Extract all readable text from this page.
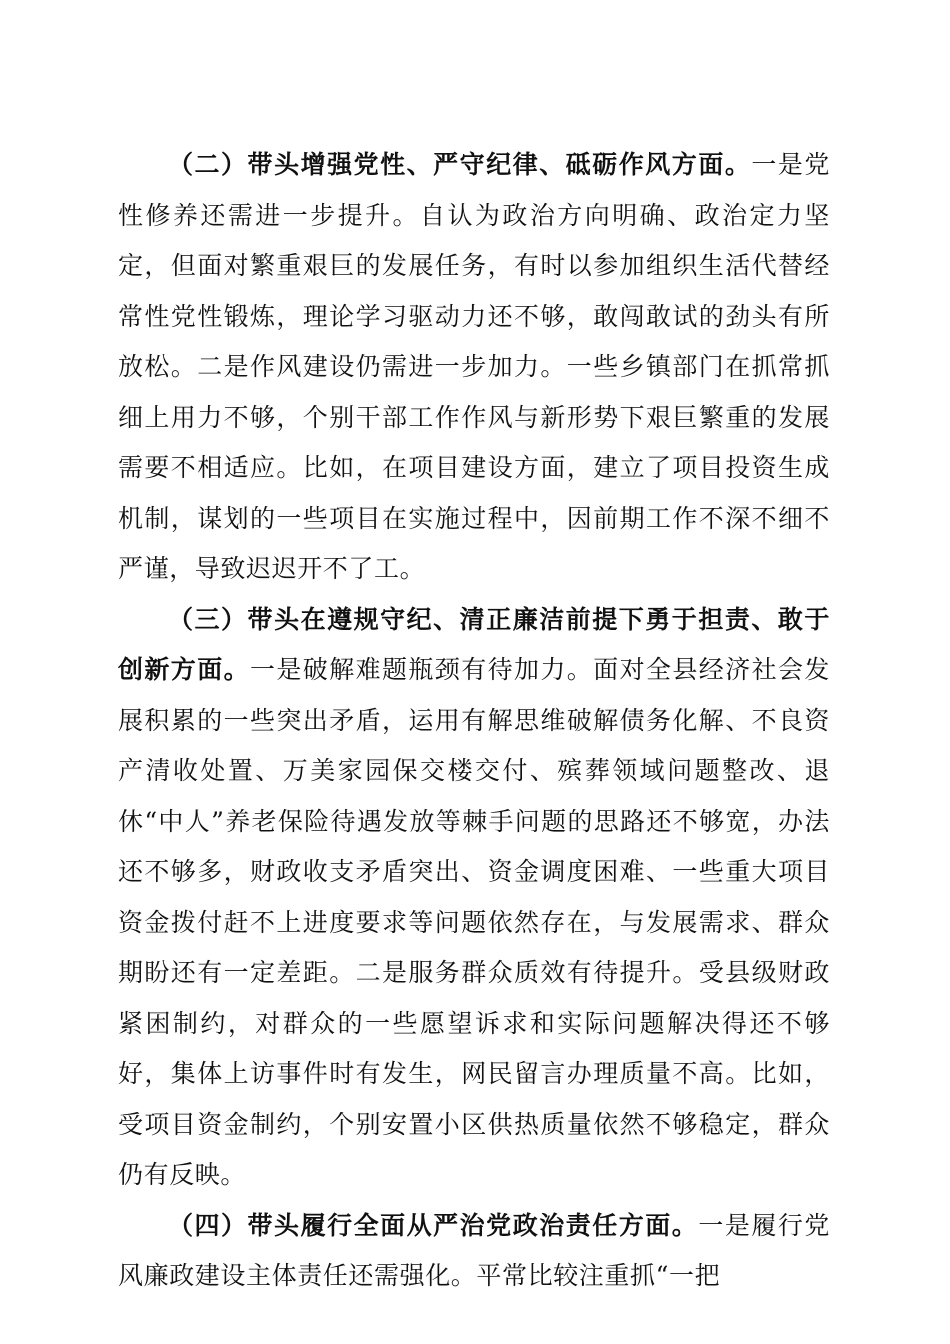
（二）带头增强党性、严守纪律、砥砺作风方面。一是党性修养还需进一步提升。自认为政治方向明确、政治定力坚定，但面对繁重艰巨的发展任务，有时以参加组织生活代替经常性党性锻炼，理论学习驱动力还不够，敢闯敢试的劲头有所放松。二是作风建设仍需进一步加力。一些乡镇部门在抓常抓细上用力不够，个别干部工作作风与新形势下艰巨繁重的发展需要不相适应。比如，在项目建设方面，建立了项目投资生成机制，谋划的一些项目在实施过程中，因前期工作不深不细不严谨，导致迟迟开不了工。

（三）带头在遵规守纪、清正廉洁前提下勇于担责、敢于创新方面。一是破解难题瓶颈有待加力。面对全县经济社会发展积累的一些突出矛盾，运用有解思维破解债务化解、不良资产清收处置、万美家园保交楼交付、殡葬领域问题整改、退休“中人”养老保险待遇发放等棘手问题的思路还不够宽，办法还不够多，财政收支矛盾突出、资金调度困难、一些重大项目资金拨付赶不上进度要求等问题依然存在，与发展需求、群众期盼还有一定差距。二是服务群众质效有待提升。受县级财政紧困制约，对群众的一些愿望诉求和实际问题解决得还不够好，集体上访事件时有发生，网民留言办理质量不高。比如，受项目资金制约，个别安置小区供热质量依然不够稳定，群众仍有反映。

（四）带头履行全面从严治党政治责任方面。一是履行党风廉政建设主体责任还需强化。平常比较注重抓“一把
